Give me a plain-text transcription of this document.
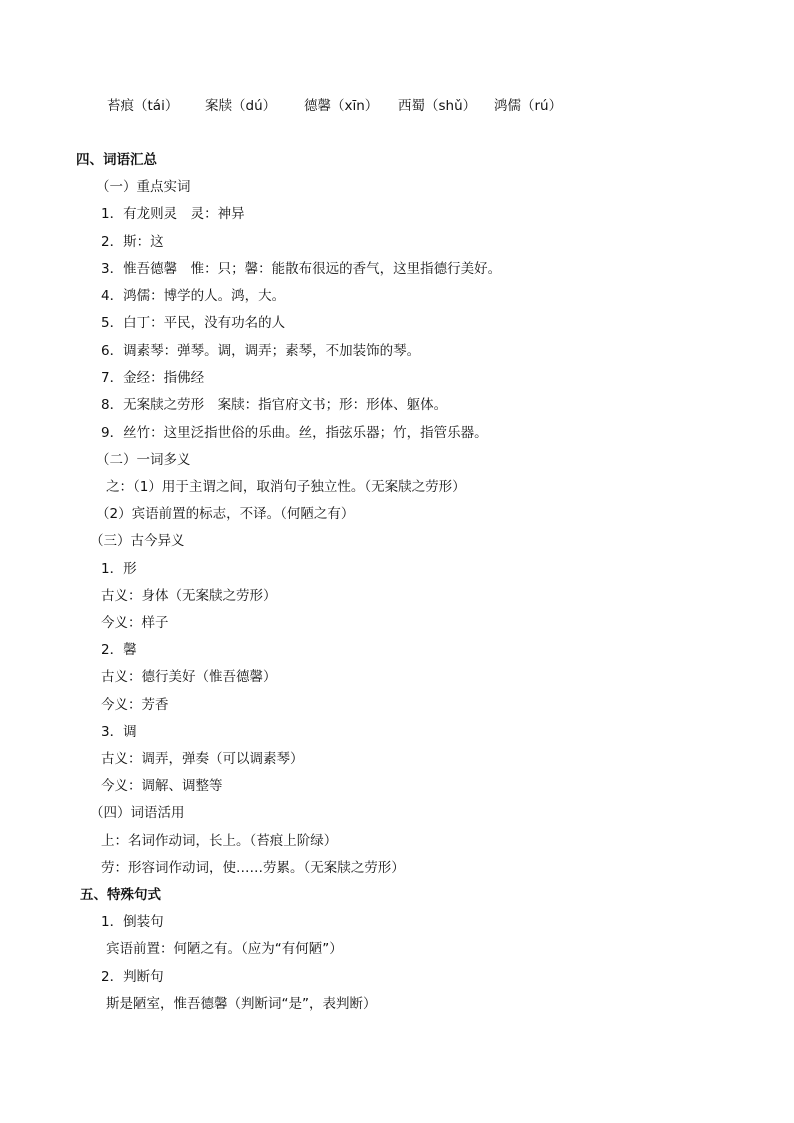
苔痕（tái） 案牍（dú） 德馨（xīn） 西蜀（shǔ） 鸿儒（rú）
四、词语汇总
（一）重点实词
1．有龙则灵　灵：神异
2．斯：这
3．惟吾德馨　惟：只；馨：能散布很远的香气，这里指德行美好。
4．鸿儒：博学的人。鸿，大。
5．白丁：平民，没有功名的人
6．调素琴：弹琴。调，调弄；素琴，不加装饰的琴。
7．金经：指佛经
8．无案牍之劳形　案牍：指官府文书；形：形体、躯体。
9．丝竹：这里泛指世俗的乐曲。丝，指弦乐器；竹，指管乐器。
（二）一词多义
之：（1）用于主谓之间，取消句子独立性。（无案牍之劳形）
（2）宾语前置的标志，不译。（何陋之有）
（三）古今异义
1．形
古义：身体（无案牍之劳形）
今义：样子
2．馨
古义：德行美好（惟吾德馨）
今义：芳香
3．调
古义：调弄，弹奏（可以调素琴）
今义：调解、调整等
（四）词语活用
上：名词作动词，长上。（苔痕上阶绿）
劳：形容词作动词，使……劳累。（无案牍之劳形）
五、特殊句式
1．倒装句
宾语前置：何陋之有。（应为“有何陋”）
2．判断句
斯是陋室，惟吾德馨（判断词“是”，表判断）
